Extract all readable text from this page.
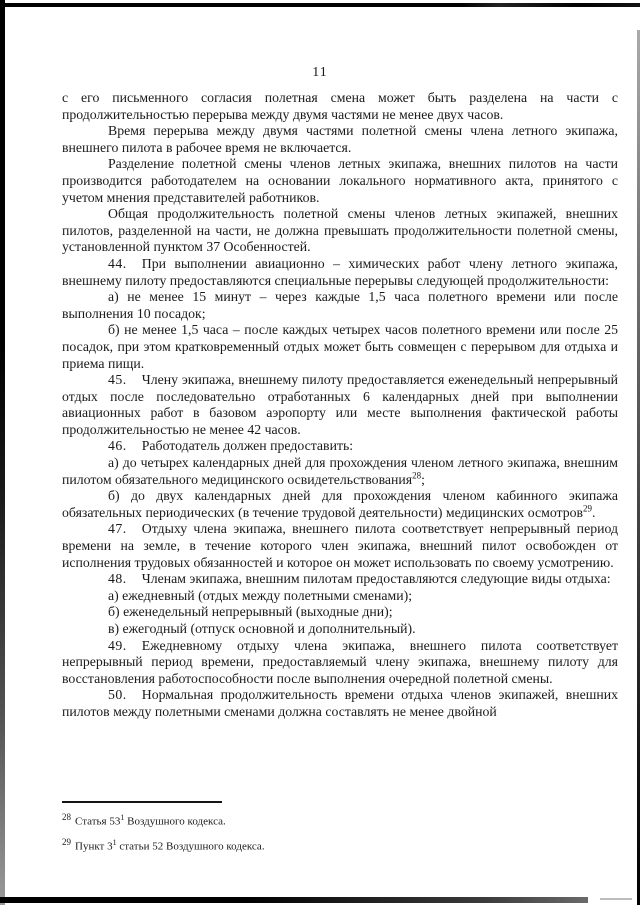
11

с его письменного согласия полетная смена может быть разделена на части с продолжительностью перерыва между двумя частями не менее двух часов.

Время перерыва между двумя частями полетной смены члена летного экипажа, внешнего пилота в рабочее время не включается.

Разделение полетной смены членов летных экипажа, внешних пилотов на части производится работодателем на основании локального нормативного акта, принятого с учетом мнения представителей работников.

Общая продолжительность полетной смены членов летных экипажей, внешних пилотов, разделенной на части, не должна превышать продолжительности полетной смены, установленной пунктом 37 Особенностей.

44. При выполнении авиационно – химических работ члену летного экипажа, внешнему пилоту предоставляются специальные перерывы следующей продолжительности:

а) не менее 15 минут – через каждые 1,5 часа полетного времени или после выполнения 10 посадок;

б) не менее 1,5 часа – после каждых четырех часов полетного времени или после 25 посадок, при этом кратковременный отдых может быть совмещен с перерывом для отдыха и приема пищи.

45. Члену экипажа, внешнему пилоту предоставляется еженедельный непрерывный отдых после последовательно отработанных 6 календарных дней при выполнении авиационных работ в базовом аэропорту или месте выполнения фактической работы продолжительностью не менее 42 часов.

46. Работодатель должен предоставить:

а) до четырех календарных дней для прохождения членом летного экипажа, внешним пилотом обязательного медицинского освидетельствования$^{28}$;

б) до двух календарных дней для прохождения членом кабинного экипажа обязательных периодических (в течение трудовой деятельности) медицинских осмотров$^{29}$.

47. Отдыху члена экипажа, внешнего пилота соответствует непрерывный период времени на земле, в течение которого член экипажа, внешний пилот освобожден от исполнения трудовых обязанностей и которое он может использовать по своему усмотрению.

48. Членам экипажа, внешним пилотам предоставляются следующие виды отдыха:

а) ежедневный (отдых между полетными сменами);

б) еженедельный непрерывный (выходные дни);

в) ежегодный (отпуск основной и дополнительный).

49. Ежедневному отдыху члена экипажа, внешнего пилота соответствует непрерывный период времени, предоставляемый члену экипажа, внешнему пилоту для восстановления работоспособности после выполнения очередной полетной смены.

50. Нормальная продолжительность времени отдыха членов экипажей, внешних пилотов между полетными сменами должна составлять не менее двойной

$^{28}$ Статья 53$^1$ Воздушного кодекса.

$^{29}$ Пункт 3$^1$ статьи 52 Воздушного кодекса.
